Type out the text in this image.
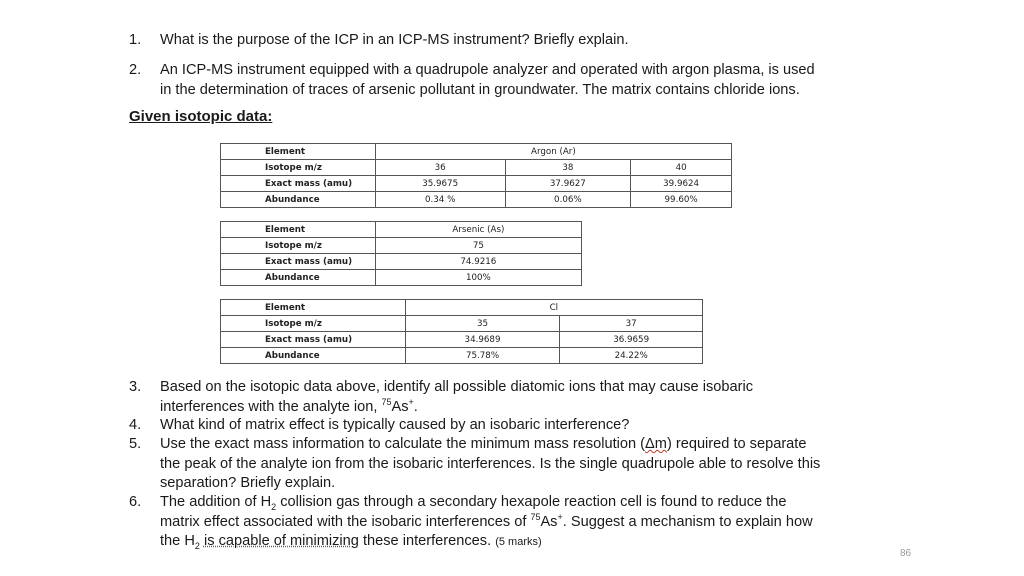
1. What is the purpose of the ICP in an ICP-MS instrument? Briefly explain.
2. An ICP-MS instrument equipped with a quadrupole analyzer and operated with argon plasma, is used
in the determination of traces of arsenic pollutant in groundwater. The matrix contains chloride ions.
Given isotopic data:
Element	Argon (Ar)		
Isotope m/z	36	38	40
Exact mass (amu)	35.9675	37.9627	39.9624
Abundance	0.34 %	0.06%	99.60%
Element	Arsenic (As)
Isotope m/z	75
Exact mass (amu)	74.9216
Abundance	100%
Element	Cl	
Isotope m/z	35	37
Exact mass (amu)	34.9689	36.9659
Abundance	75.78%	24.22%
3. Based on the isotopic data above, identify all possible diatomic ions that may cause isobaric
interferences with the analyte ion, $^{75}$As+.
4. What kind of matrix effect is typically caused by an isobaric interference?
5. Use the exact mass information to calculate the minimum mass resolution (Δm) required to separate
the peak of the analyte ion from the isobaric interferences. Is the single quadrupole able to resolve this
separation? Briefly explain.
6. The addition of $H_2$ collision gas through a secondary hexapole reaction cell is found to reduce the
matrix effect associated with the isobaric interferences of $^{75}$As+. Suggest a mechanism to explain how
the $H_2$ is capable of minimizing these interferences. (5 marks)
86
